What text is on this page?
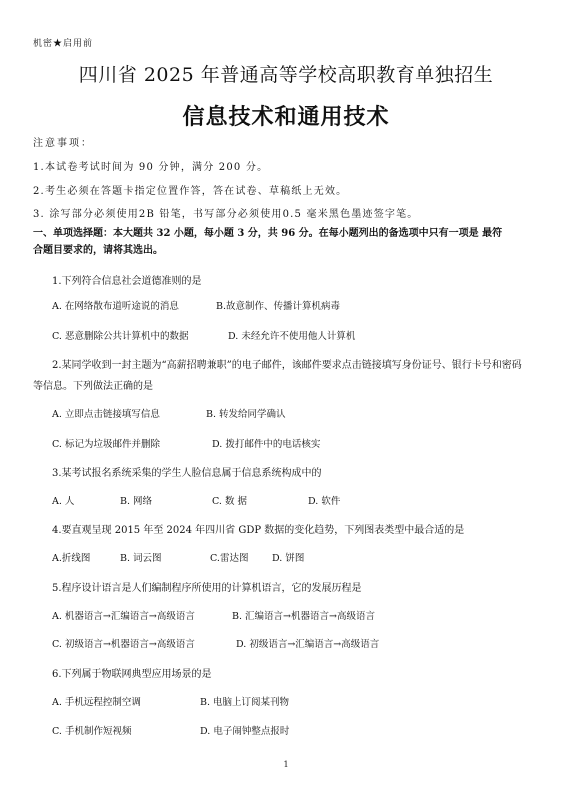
机密★启用前
四川省 2025 年普通高等学校高职教育单独招生
信息技术和通用技术
注意事项：
1.本试卷考试时间为 90 分钟，满分 200 分。
2.考生必须在答题卡指定位置作答，答在试卷、草稿纸上无效。
3. 涂写部分必须使用2B 铅笔，书写部分必须使用0.5 毫米黑色墨迹签字笔。
一、单项选择题：本大题共 32 小题，每小题 3 分，共 96 分。在每小题列出的备选项中只有一项是 最符
合题目要求的，请将其选出。
1.下列符合信息社会道德准则的是
A. 在网络散布道听途说的消息	B.故意制作、传播计算机病毒
C. 恶意删除公共计算机中的数据	D. 未经允许不使用他人计算机
2.某同学收到一封主题为“高薪招聘兼职”的电子邮件，该邮件要求点击链接填写身份证号、银行卡号和密码
等信息。下列做法正确的是
A. 立即点击链接填写信息	B. 转发给同学确认
C. 标记为垃圾邮件并删除	D. 拨打邮件中的电话核实
3.某考试报名系统采集的学生人脸信息属于信息系统构成中的
A. 人	B. 网络	C. 数 据	D. 软件
4.要直观呈现 2015 年至 2024 年四川省 GDP 数据的变化趋势，下列图表类型中最合适的是
A.折线图	B. 词云图	C.雷达图 D. 饼图
5.程序设计语言是人们编制程序所使用的计算机语言，它的发展历程是
A. 机器语言→汇编语言→高级语言	B. 汇编语言→机器语言→高级语言
C. 初级语言→机器语言→高级语言	D. 初级语言→汇编语言→高级语言
6.下列属于物联网典型应用场景的是
A. 手机远程控制空调	B. 电脑上订阅某刊物
C. 手机制作短视频	D. 电子闹钟整点报时
1
